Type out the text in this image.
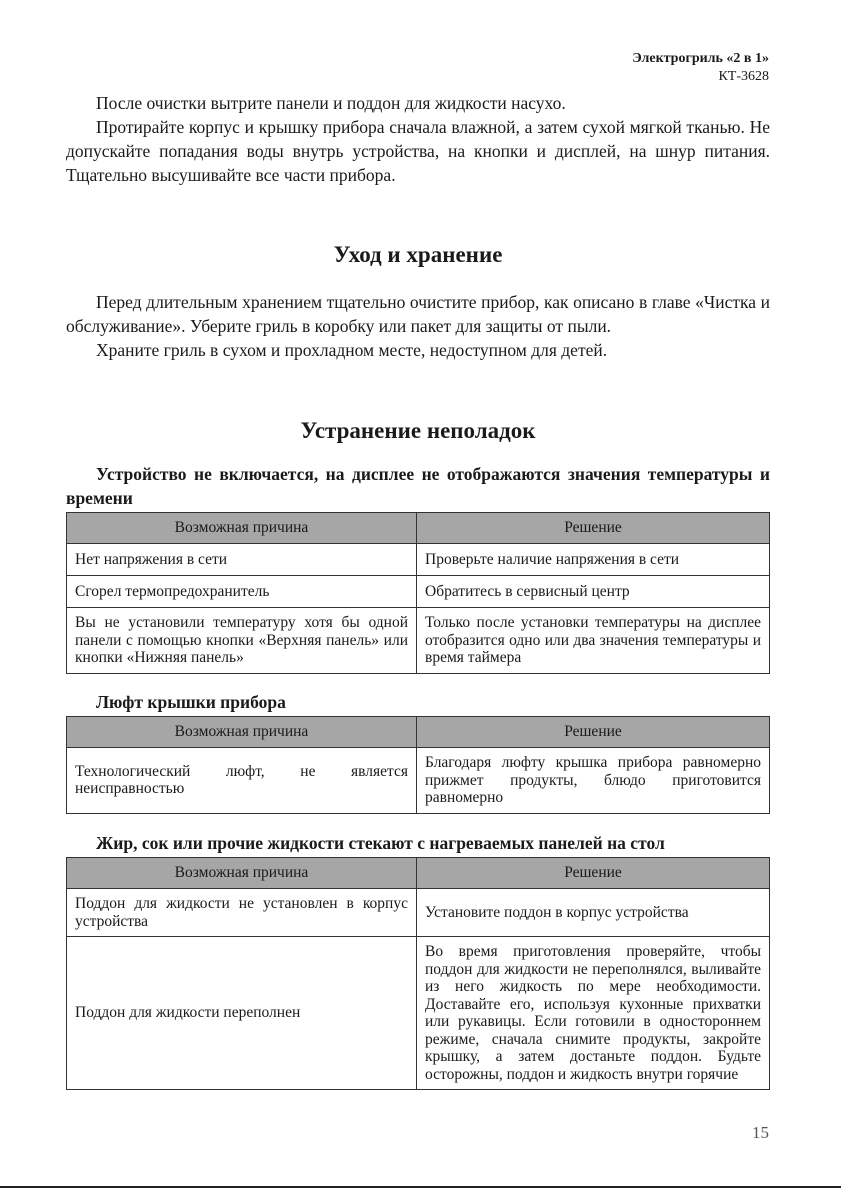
Электрогриль «2 в 1»
КТ-3628

После очистки вытрите панели и поддон для жидкости насухо.

Протирайте корпус и крышку прибора сначала влажной, а затем сухой мягкой тканью. Не допускайте попадания воды внутрь устройства, на кнопки и дисплей, на шнур питания. Тщательно высушивайте все части прибора.

Уход и хранение

Перед длительным хранением тщательно очистите прибор, как описано в главе «Чистка и обслуживание». Уберите гриль в коробку или пакет для защиты от пыли.

Храните гриль в сухом и прохладном месте, недоступном для детей.

Устранение неполадок
Устройство не включается, на дисплее не отображаются значения температуры и времени
Возможная причина	Решение
Нет напряжения в сети	Проверьте наличие напряжения в сети
Сгорел термопредохранитель	Обратитесь в сервисный центр
Вы не установили температуру хотя бы одной панели с помощью кнопки «Верхняя панель» или кнопки «Нижняя панель»	Только после установки температуры на дисплее отобразится одно или два значения температуры и время таймера
Люфт крышки прибора
Возможная причина	Решение
Технологический люфт, не является неисправностью	Благодаря люфту крышка прибора равномерно прижмет продукты, блюдо приготовится равномерно
Жир, сок или прочие жидкости стекают с нагреваемых панелей на стол
Возможная причина	Решение
Поддон для жидкости не установлен в корпус устройства	Установите поддон в корпус устройства
Поддон для жидкости переполнен	Во время приготовления проверяйте, чтобы поддон для жидкости не переполнялся, выливайте из него жидкость по мере необходимости. Доставайте его, используя кухонные прихватки или рукавицы. Если готовили в одностороннем режиме, сначала снимите продукты, закройте крышку, а затем достаньте поддон. Будьте осторожны, поддон и жидкость внутри горячие
15
